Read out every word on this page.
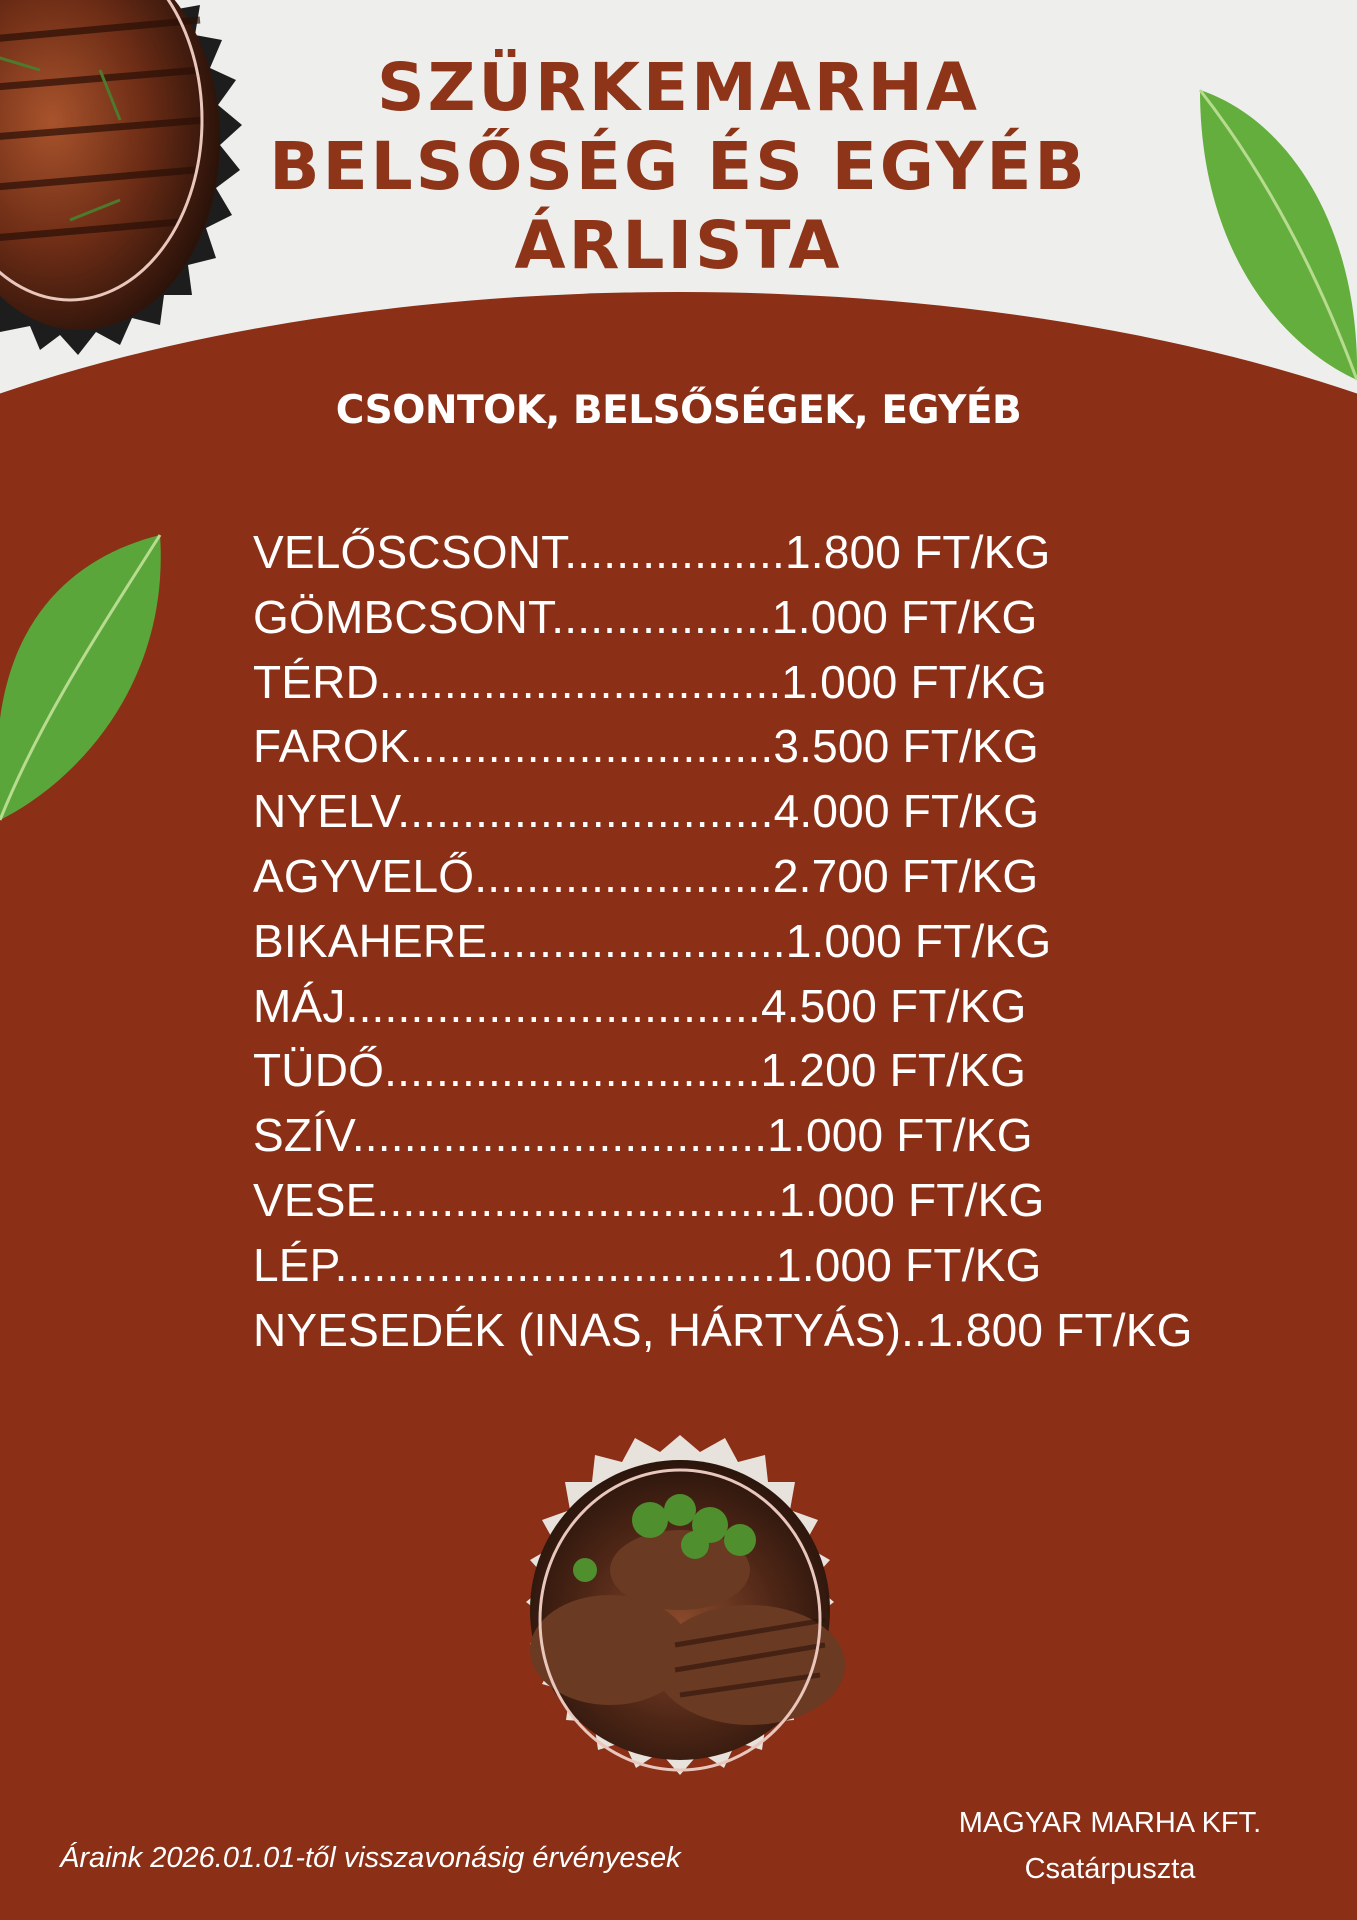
SZÜRKEMARHA
BELSŐSÉG ÉS EGYÉB
ÁRLISTA
CSONTOK, BELSŐSÉGEK, EGYÉB
VELŐSCSONT.................1.800 FT/KG
GÖMBCSONT.................1.000 FT/KG
TÉRD...............................1.000 FT/KG
FAROK............................3.500 FT/KG
NYELV.............................4.000 FT/KG
AGYVELŐ.......................2.700 FT/KG
BIKAHERE.......................1.000 FT/KG
MÁJ................................4.500 FT/KG
TÜDŐ.............................1.200 FT/KG
SZÍV................................1.000 FT/KG
VESE...............................1.000 FT/KG
LÉP..................................1.000 FT/KG
NYESEDÉK (INAS, HÁRTYÁS)..1.800 FT/KG
Áraink 2026.01.01-től visszavonásig érvényesek
MAGYAR MARHA KFT.
Csatárpuszta
